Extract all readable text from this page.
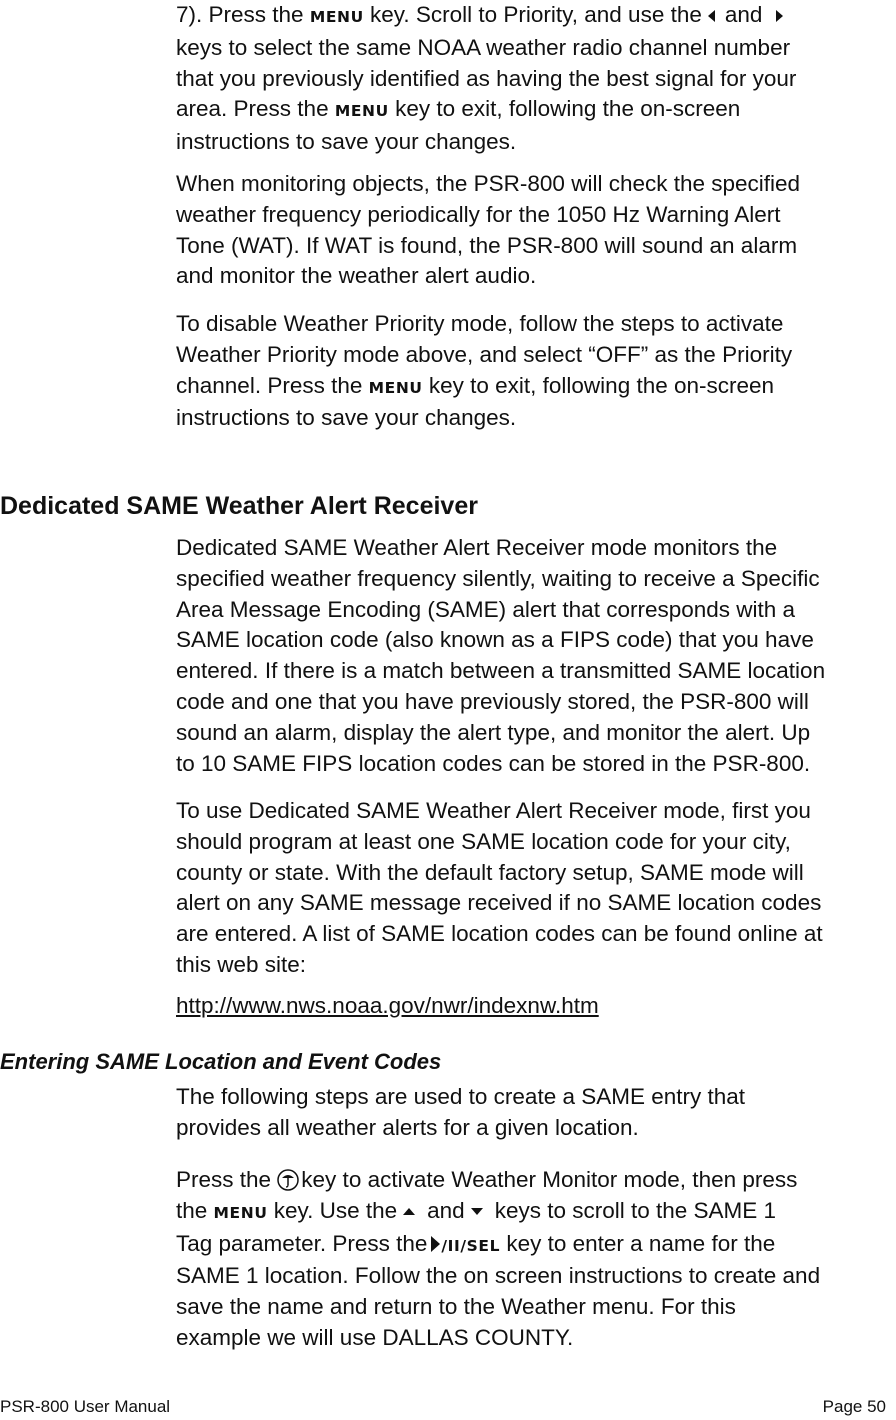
7). Press the MENU key. Scroll to Priority, and use the and
keys to select the same NOAA weather radio channel number
that you previously identified as having the best signal for your
area. Press the MENU key to exit, following the on-screen
instructions to save your changes.
When monitoring objects, the PSR-800 will check the specified
weather frequency periodically for the 1050 Hz Warning Alert
Tone (WAT). If WAT is found, the PSR-800 will sound an alarm
and monitor the weather alert audio.
To disable Weather Priority mode, follow the steps to activate
Weather Priority mode above, and select “OFF” as the Priority
channel. Press the MENU key to exit, following the on-screen
instructions to save your changes.
Dedicated SAME Weather Alert Receiver
Dedicated SAME Weather Alert Receiver mode monitors the
specified weather frequency silently, waiting to receive a Specific
Area Message Encoding (SAME) alert that corresponds with a
SAME location code (also known as a FIPS code) that you have
entered. If there is a match between a transmitted SAME location
code and one that you have previously stored, the PSR-800 will
sound an alarm, display the alert type, and monitor the alert. Up
to 10 SAME FIPS location codes can be stored in the PSR-800.
To use Dedicated SAME Weather Alert Receiver mode, first you
should program at least one SAME location code for your city,
county or state. With the default factory setup, SAME mode will
alert on any SAME message received if no SAME location codes
are entered. A list of SAME location codes can be found online at
this web site:
http://www.nws.noaa.gov/nwr/indexnw.htm
Entering SAME Location and Event Codes
The following steps are used to create a SAME entry that
provides all weather alerts for a given location.
Press the key to activate Weather Monitor mode, then press
the MENU key. Use the and keys to scroll to the SAME 1
Tag parameter. Press the /II/SEL key to enter a name for the
SAME 1 location. Follow the on screen instructions to create and
save the name and return to the Weather menu. For this
example we will use DALLAS COUNTY.
PSR-800 User Manual	Page 50
